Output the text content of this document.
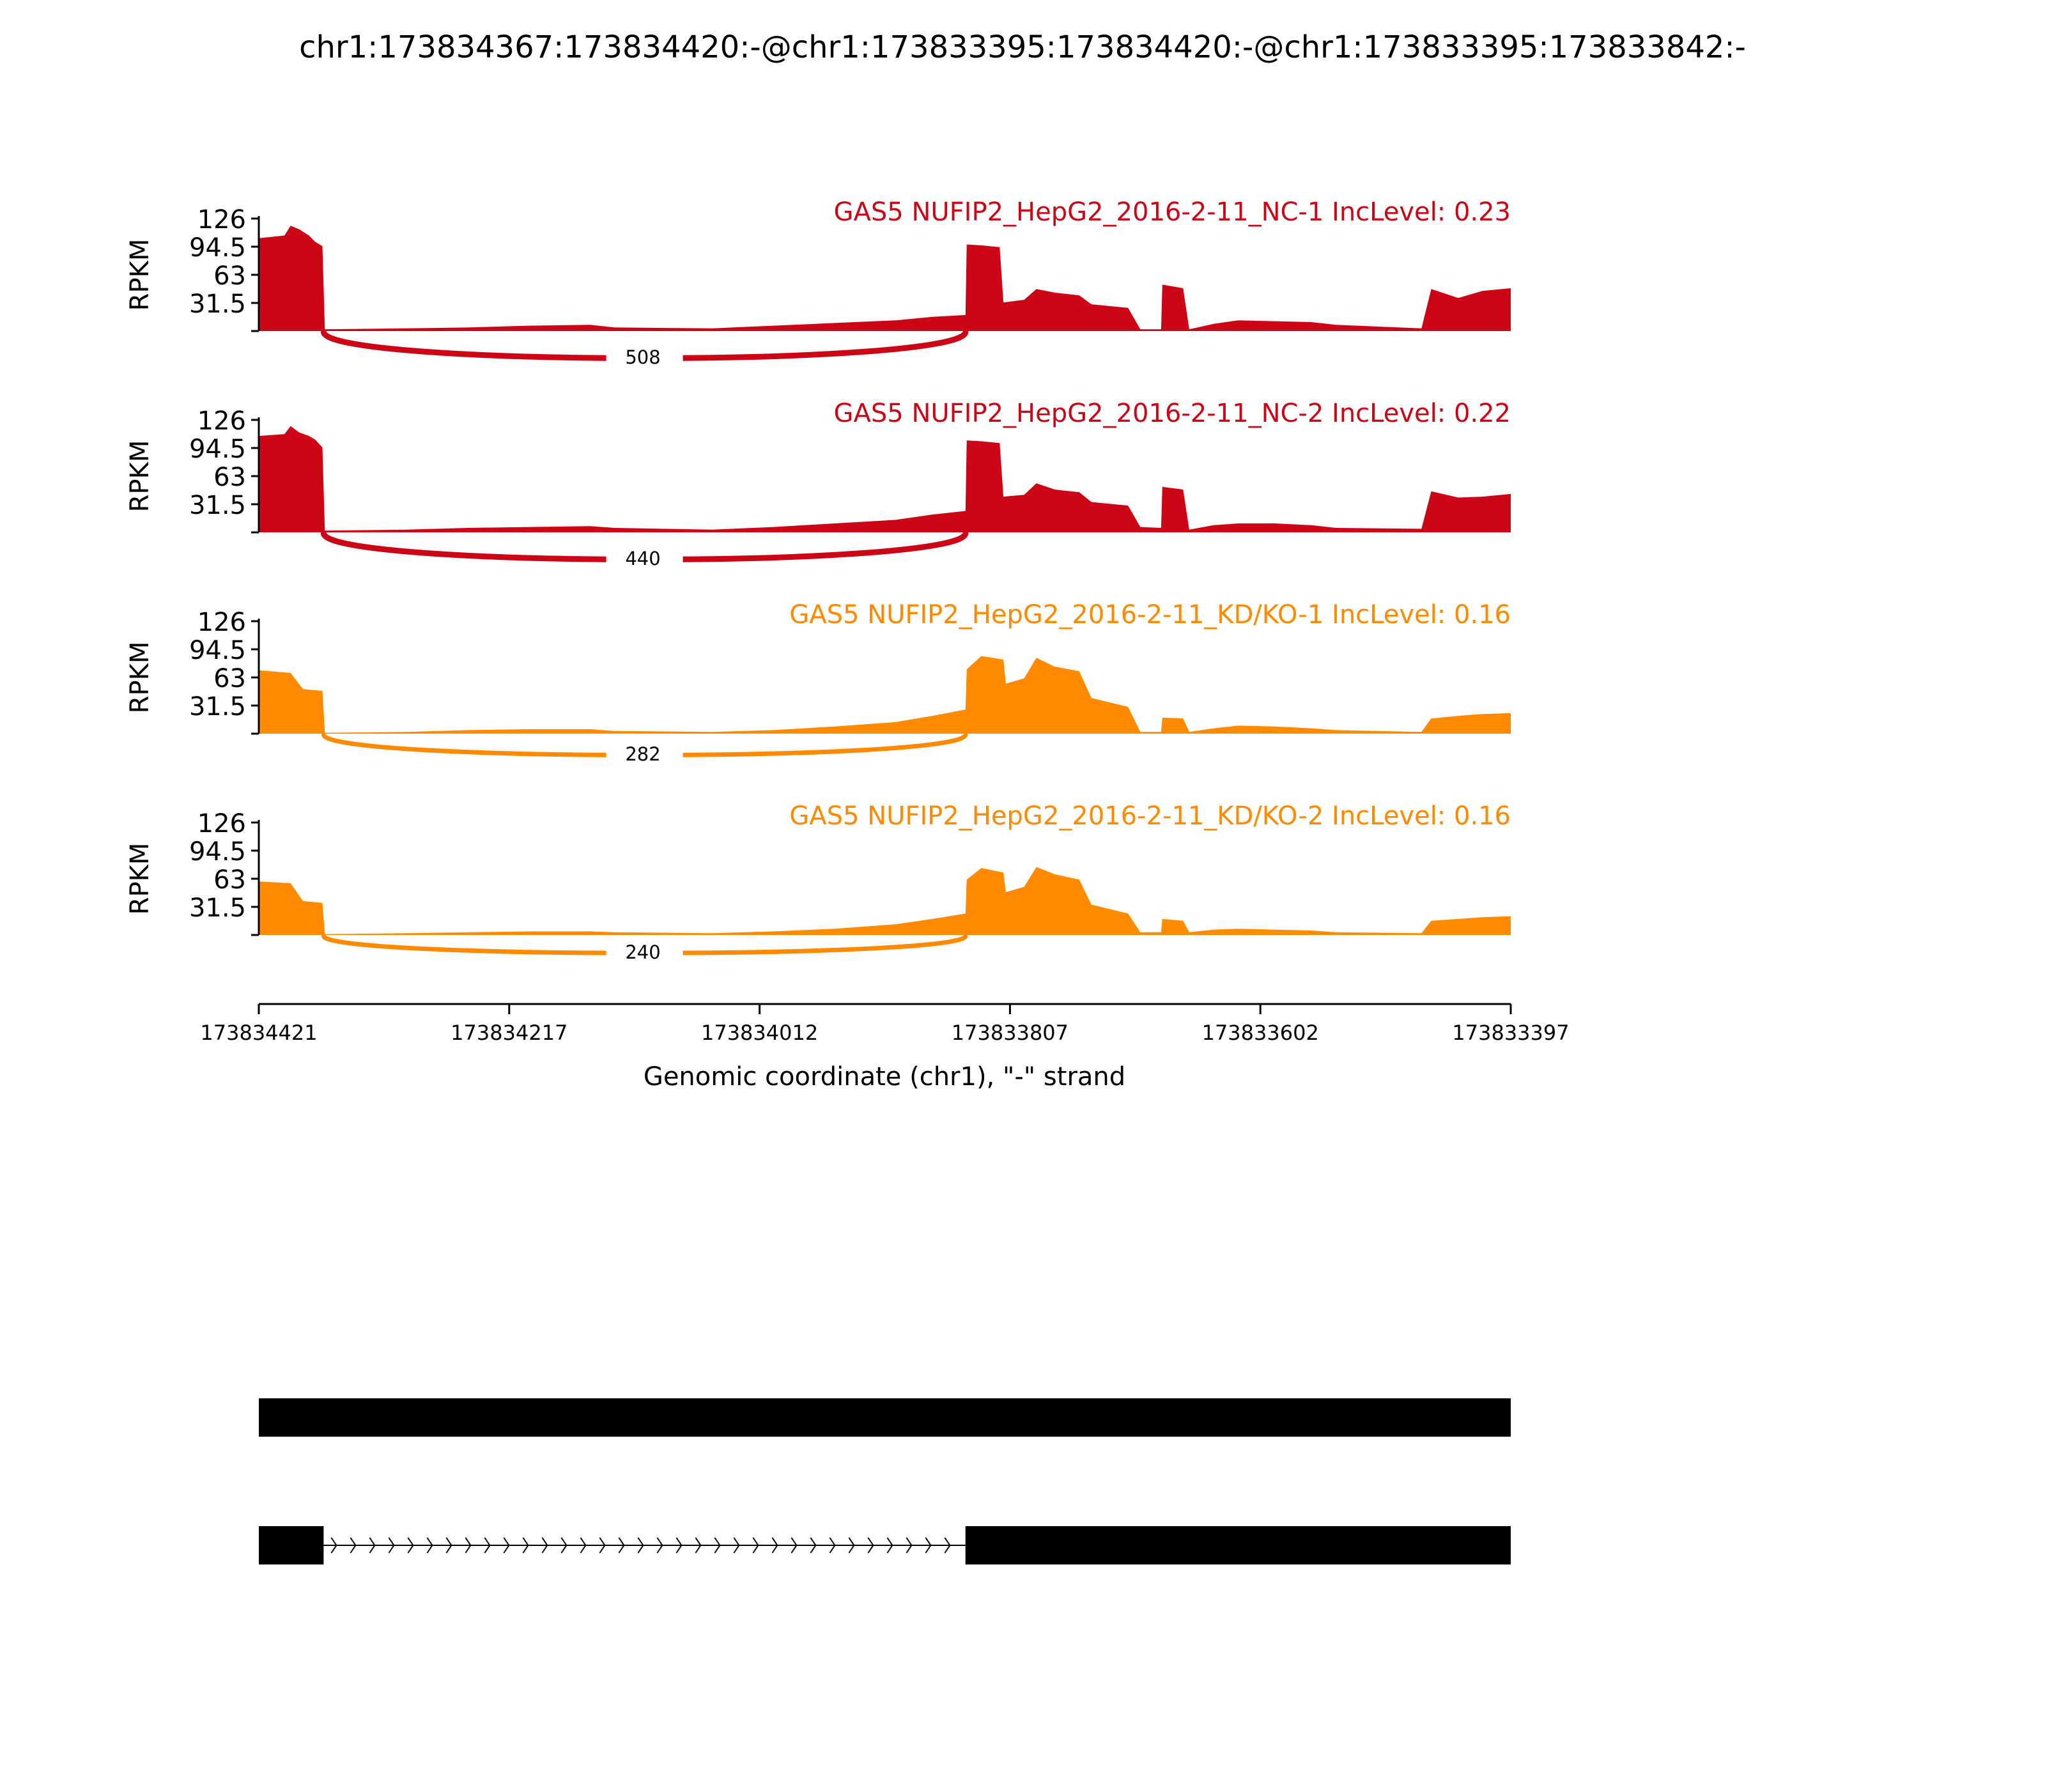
chr1:173834367:173834420:-@chr1:173833395:173834420:-@chr1:173833395:173833842:-
508
126
94.5
63
31.5
RPKM
GAS5 NUFIP2_HepG2_2016-2-11_NC-1 IncLevel: 0.23
440
126
94.5
63
31.5
RPKM
GAS5 NUFIP2_HepG2_2016-2-11_NC-2 IncLevel: 0.22
282
126
94.5
63
31.5
RPKM
GAS5 NUFIP2_HepG2_2016-2-11_KD/KO-1 IncLevel: 0.16
240
126
94.5
63
31.5
RPKM
GAS5 NUFIP2_HepG2_2016-2-11_KD/KO-2 IncLevel: 0.16
173834421	173834217	173834012	173833807	173833602	173833397
Genomic coordinate (chr1), "-" strand
